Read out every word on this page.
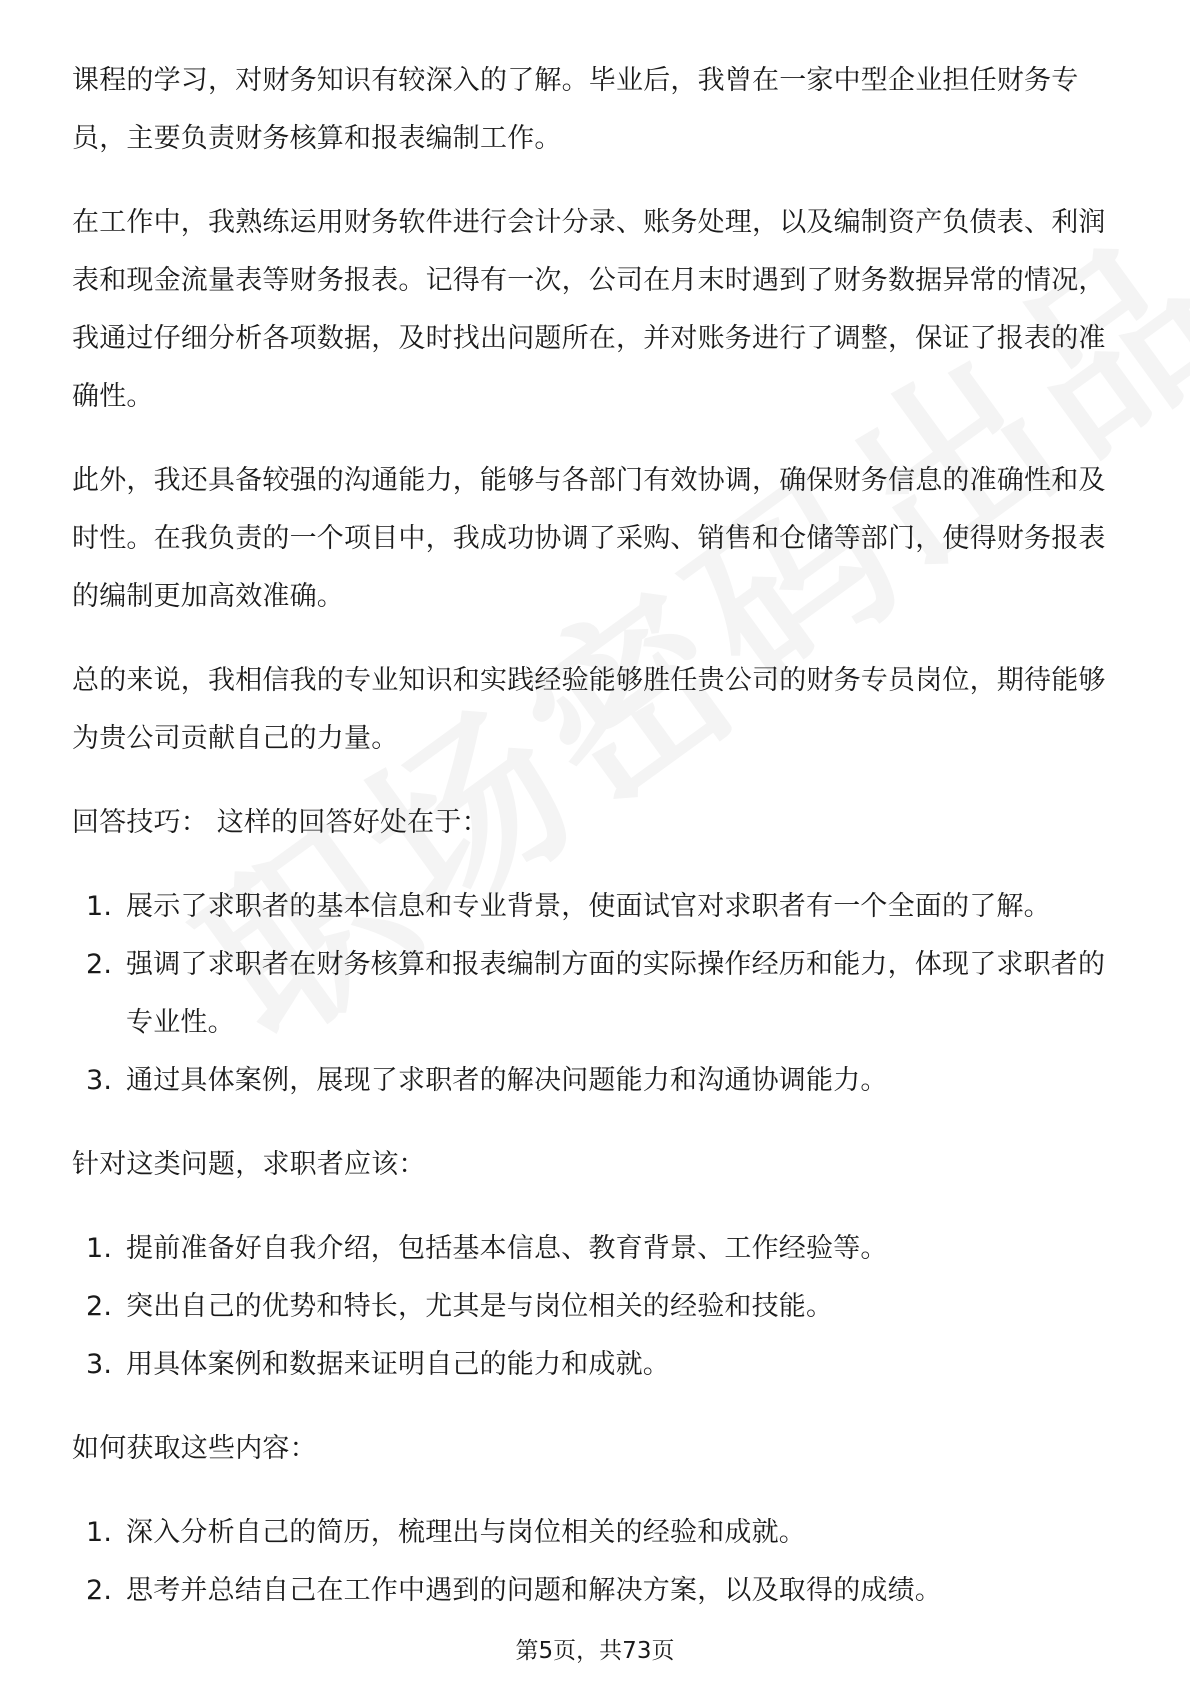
课程的学习，对财务知识有较深入的了解。毕业后，我曾在一家中型企业担任财务专员，主要负责财务核算和报表编制工作。

在工作中，我熟练运用财务软件进行会计分录、账务处理，以及编制资产负债表、利润表和现金流量表等财务报表。记得有一次，公司在月末时遇到了财务数据异常的情况，我通过仔细分析各项数据，及时找出问题所在，并对账务进行了调整，保证了报表的准确性。

此外，我还具备较强的沟通能力，能够与各部门有效协调，确保财务信息的准确性和及时性。在我负责的一个项目中，我成功协调了采购、销售和仓储等部门，使得财务报表的编制更加高效准确。

总的来说，我相信我的专业知识和实践经验能够胜任贵公司的财务专员岗位，期待能够为贵公司贡献自己的力量。

回答技巧： 这样的回答好处在于：

1. 展示了求职者的基本信息和专业背景，使面试官对求职者有一个全面的了解。
2. 强调了求职者在财务核算和报表编制方面的实际操作经历和能力，体现了求职者的专业性。
3. 通过具体案例，展现了求职者的解决问题能力和沟通协调能力。

针对这类问题，求职者应该：

1. 提前准备好自我介绍，包括基本信息、教育背景、工作经验等。
2. 突出自己的优势和特长，尤其是与岗位相关的经验和技能。
3. 用具体案例和数据来证明自己的能力和成就。

如何获取这些内容：

1. 深入分析自己的简历，梳理出与岗位相关的经验和成就。
2. 思考并总结自己在工作中遇到的问题和解决方案，以及取得的成绩。
第5页，共73页
